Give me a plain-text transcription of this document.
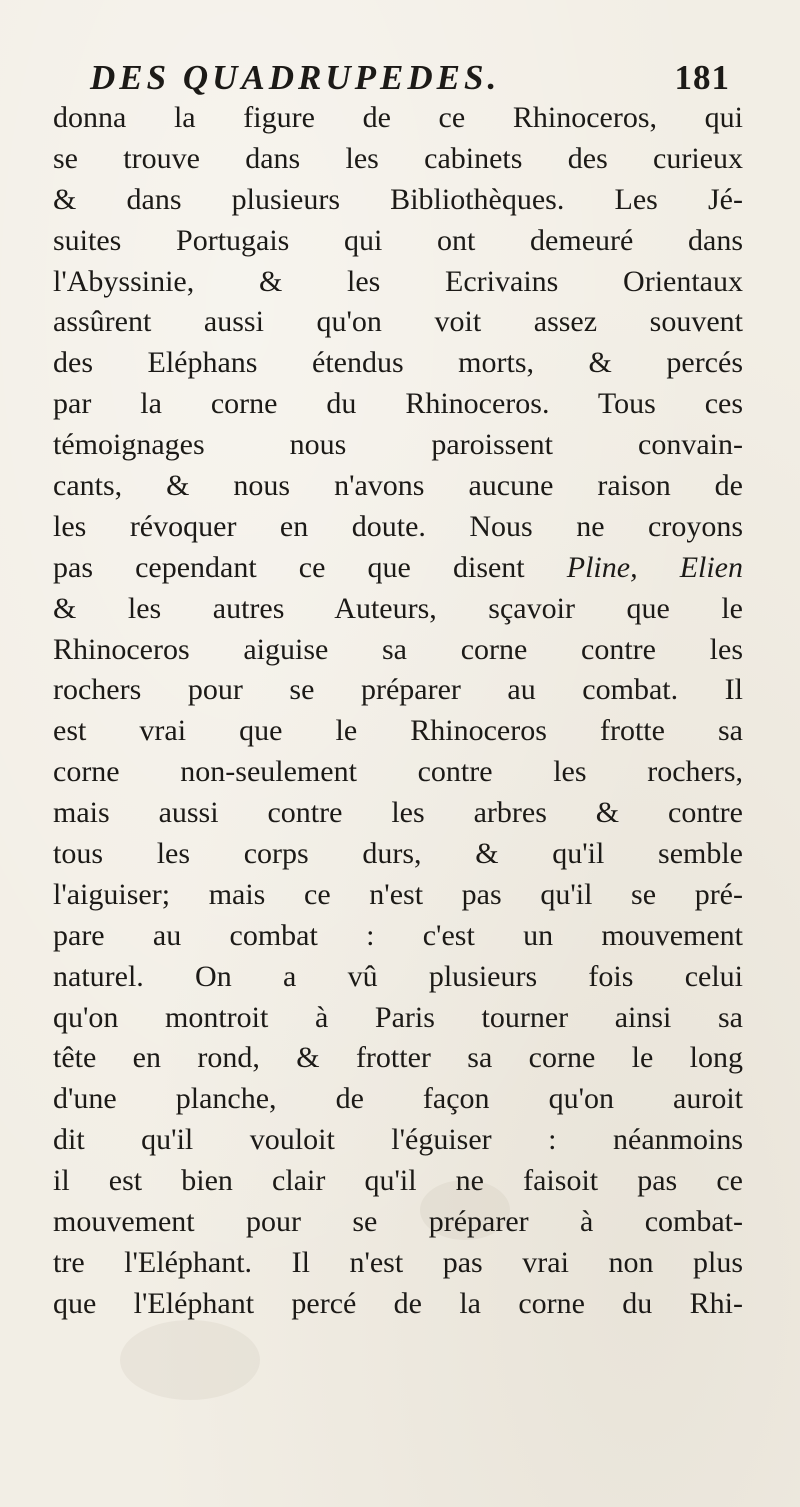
DES QUADRUPEDES.	181
donna la figure de ce Rhinoceros, qui
se trouve dans les cabinets des curieux
& dans plusieurs Bibliothèques. Les Jé-
suites Portugais qui ont demeuré dans
l'Abyssinie, & les Ecrivains Orientaux
assûrent aussi qu'on voit assez souvent
des Eléphans étendus morts, & percés
par la corne du Rhinoceros. Tous ces
témoignages nous paroissent convain-
cants, & nous n'avons aucune raison de
les révoquer en doute. Nous ne croyons
pas cependant ce que disent Pline, Elien
& les autres Auteurs, sçavoir que le
Rhinoceros aiguise sa corne contre les
rochers pour se préparer au combat. Il
est vrai que le Rhinoceros frotte sa
corne non-seulement contre les rochers,
mais aussi contre les arbres & contre
tous les corps durs, & qu'il semble
l'aiguiser; mais ce n'est pas qu'il se pré-
pare au combat : c'est un mouvement
naturel. On a vû plusieurs fois celui
qu'on montroit à Paris tourner ainsi sa
tête en rond, & frotter sa corne le long
d'une planche, de façon qu'on auroit
dit qu'il vouloit l'éguiser : néanmoins
il est bien clair qu'il ne faisoit pas ce
mouvement pour se préparer à combat-
tre l'Eléphant. Il n'est pas vrai non plus
que l'Eléphant percé de la corne du Rhi-
